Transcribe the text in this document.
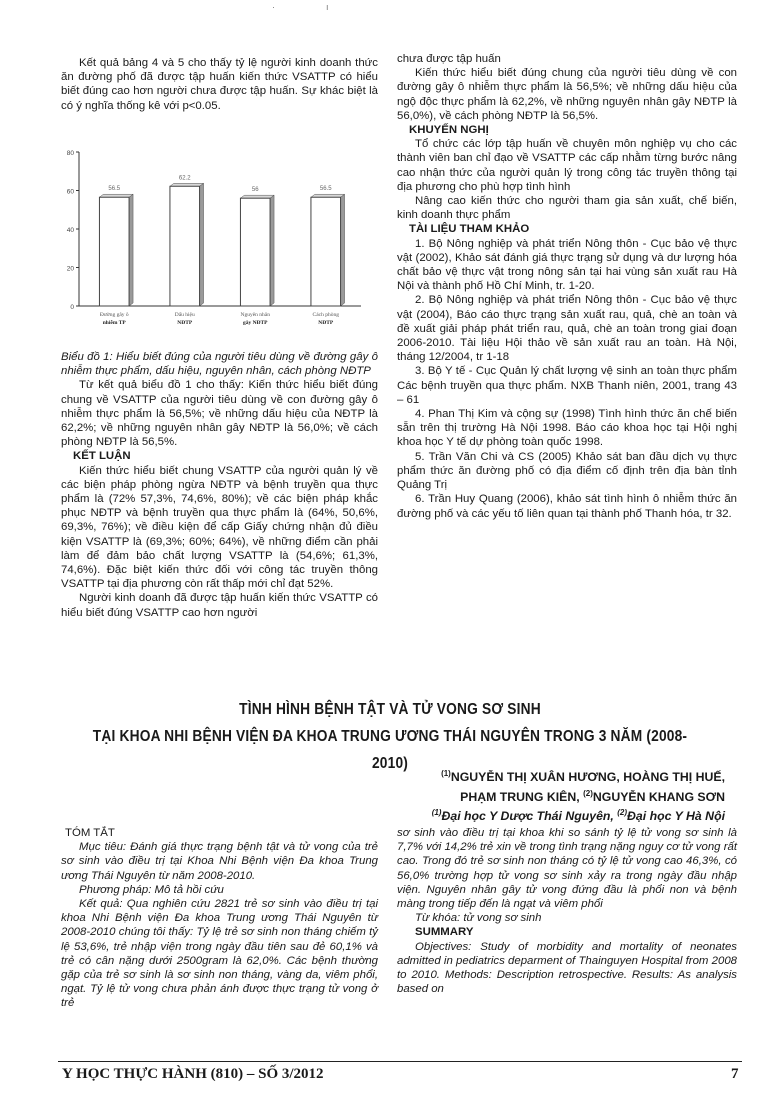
·	ı

Kết quả bảng 4 và 5 cho thấy tỷ lệ người kinh doanh thức ăn đường phố đã được tập huấn kiến thức VSATTP có hiểu biết đúng cao hơn người chưa được tập huấn. Sự khác biệt là có ý nghĩa thống kê với p<0.05.

0
20
40
60
80
56.5
Đường gây ô
nhiễm TP
62.2
Dấu hiệu
NĐTP
56
Nguyên nhân
gây NĐTP
56.5
Cách phòng
NĐTP

Biểu đồ 1: Hiểu biết đúng của người tiêu dùng về đường gây ô nhiễm thực phẩm, dấu hiệu, nguyên nhân, cách phòng NĐTP

Từ kết quả biểu đồ 1 cho thấy: Kiến thức hiểu biết đúng chung về VSATTP của người tiêu dùng về con đường gây ô nhiễm thực phẩm là 56,5%; về những dấu hiệu của NĐTP là 62,2%; về những nguyên nhân gây NĐTP là 56,0%; về cách phòng NĐTP là 56,5%.

KẾT LUẬN

Kiến thức hiểu biết chung VSATTP của người quản lý về các biện pháp phòng ngừa NĐTP và bệnh truyền qua thực phẩm là (72% 57,3%, 74,6%, 80%); về các biện pháp khắc phục NĐTP và bệnh truyền qua thực phẩm là (64%, 50,6%, 69,3%, 76%); về điều kiện để cấp Giấy chứng nhận đủ điều kiện VSATTP là (69,3%; 60%; 64%), về những điểm cần phải làm để đảm bảo chất lượng VSATTP là (54,6%; 61,3%, 74,6%). Đặc biệt kiến thức đối với công tác truyền thông VSATTP tại địa phương còn rất thấp mới chỉ đạt 52%.

Người kinh doanh đã được tập huấn kiến thức VSATTP có hiểu biết đúng VSATTP cao hơn người

chưa được tập huấn

Kiến thức hiểu biết đúng chung của người tiêu dùng về con đường gây ô nhiễm thực phẩm là 56,5%; về những dấu hiệu của ngộ độc thực phẩm là 62,2%, về những nguyên nhân gây NĐTP là 56,0%), về cách phòng NĐTP là 56,5%.

KHUYẾN NGHỊ

Tổ chức các lớp tập huấn về chuyên môn nghiệp vụ cho các thành viên ban chỉ đạo về VSATTP các cấp nhằm từng bước nâng cao nhận thức của người quản lý trong công tác truyền thông tại địa phương cho phù hợp tình hình

Nâng cao kiến thức cho người tham gia sản xuất, chế biến, kinh doanh thực phẩm

TÀI LIỆU THAM KHẢO

1. Bộ Nông nghiệp và phát triển Nông thôn - Cục bảo vệ thực vật (2002), Khảo sát đánh giá thực trạng sử dụng và dư lượng hóa chất bảo vệ thực vật trong nông sản tại hai vùng sản xuất rau Hà Nội và thành phố Hồ Chí Minh, tr. 1-20.

2. Bộ Nông nghiệp và phát triển Nông thôn - Cục bảo vệ thực vật (2004), Báo cáo thực trạng sản xuất rau, quả, chè an toàn và đề xuất giải pháp phát triển rau, quả, chè an toàn trong giai đoạn 2006-2010. Tài liệu Hội thảo về sản xuất rau an toàn. Hà Nội, tháng 12/2004, tr 1-18

3. Bộ Y tế - Cục Quản lý chất lượng vệ sinh an toàn thực phẩm Các bệnh truyền qua thực phẩm. NXB Thanh niên, 2001, trang 43 – 61

4. Phan Thị Kim và cộng sự (1998) Tình hình thức ăn chế biến sẵn trên thị trường Hà Nội 1998. Báo cáo khoa học tại Hội nghị khoa học Y tế dự phòng toàn quốc 1998.

5. Trần Văn Chi và CS (2005) Khảo sát ban đầu dịch vụ thực phẩm thức ăn đường phố có địa điểm cố định trên địa bàn tỉnh Quảng Trị

6. Trần Huy Quang (2006), khảo sát tình hình ô nhiễm thức ăn đường phố và các yếu tố liên quan tại thành phố Thanh hóa, tr 32.

TÌNH HÌNH BỆNH TẬT VÀ TỬ VONG SƠ SINH
TẠI KHOA NHI BỆNH VIỆN ĐA KHOA TRUNG ƯƠNG THÁI NGUYÊN TRONG 3 NĂM (2008-2010)
$^{(1)}$NGUYỄN THỊ XUÂN HƯƠNG, HOÀNG THỊ HUẾ,
PHẠM TRUNG KIÊN, $^{(2)}$NGUYỄN KHANG SƠN
$^{(1)}$Đại học Y Dược Thái Nguyên, $^{(2)}$Đại học Y Hà Nội

TÓM TẮT

Mục tiêu: Đánh giá thực trạng bệnh tật và tử vong của trẻ sơ sinh vào điều trị tại Khoa Nhi Bệnh viện Đa khoa Trung ương Thái Nguyên từ năm 2008-2010.

Phương pháp: Mô tả hồi cứu

Kết quả: Qua nghiên cứu 2821 trẻ sơ sinh vào điều trị tại khoa Nhi Bệnh viện Đa khoa Trung ương Thái Nguyên từ 2008-2010 chúng tôi thấy: Tỷ lệ trẻ sơ sinh non tháng chiếm tỷ lệ 53,6%, trẻ nhập viện trong ngày đầu tiên sau đẻ 60,1% và trẻ có cân nặng dưới 2500gram là 62,0%. Các bệnh thường gặp của trẻ sơ sinh là sơ sinh non tháng, vàng da, viêm phổi, ngạt. Tỷ lệ tử vong chưa phản ánh được thực trạng tử vong ở trẻ

sơ sinh vào điều trị tại khoa khi so sánh tỷ lệ tử vong sơ sinh là 7,7% với 14,2% trẻ xin về trong tình trạng nặng nguy cơ tử vong rất cao. Trong đó trẻ sơ sinh non tháng có tỷ lệ tử vong cao 46,3%, có 56,0% trường hợp tử vong sơ sinh xảy ra trong ngày đầu nhập viện. Nguyên nhân gây tử vong đứng đầu là phổi non và bệnh màng trong tiếp đến là ngạt và viêm phổi

Từ khóa: tử vong sơ sinh

SUMMARY

Objectives: Study of morbidity and mortality of neonates admitted in pediatrics deparment of Thainguyen Hospital from 2008 to 2010. Methods: Description retrospective. Results: As analysis based on

Y HỌC THỰC HÀNH (810) – SỐ 3/2012	7
